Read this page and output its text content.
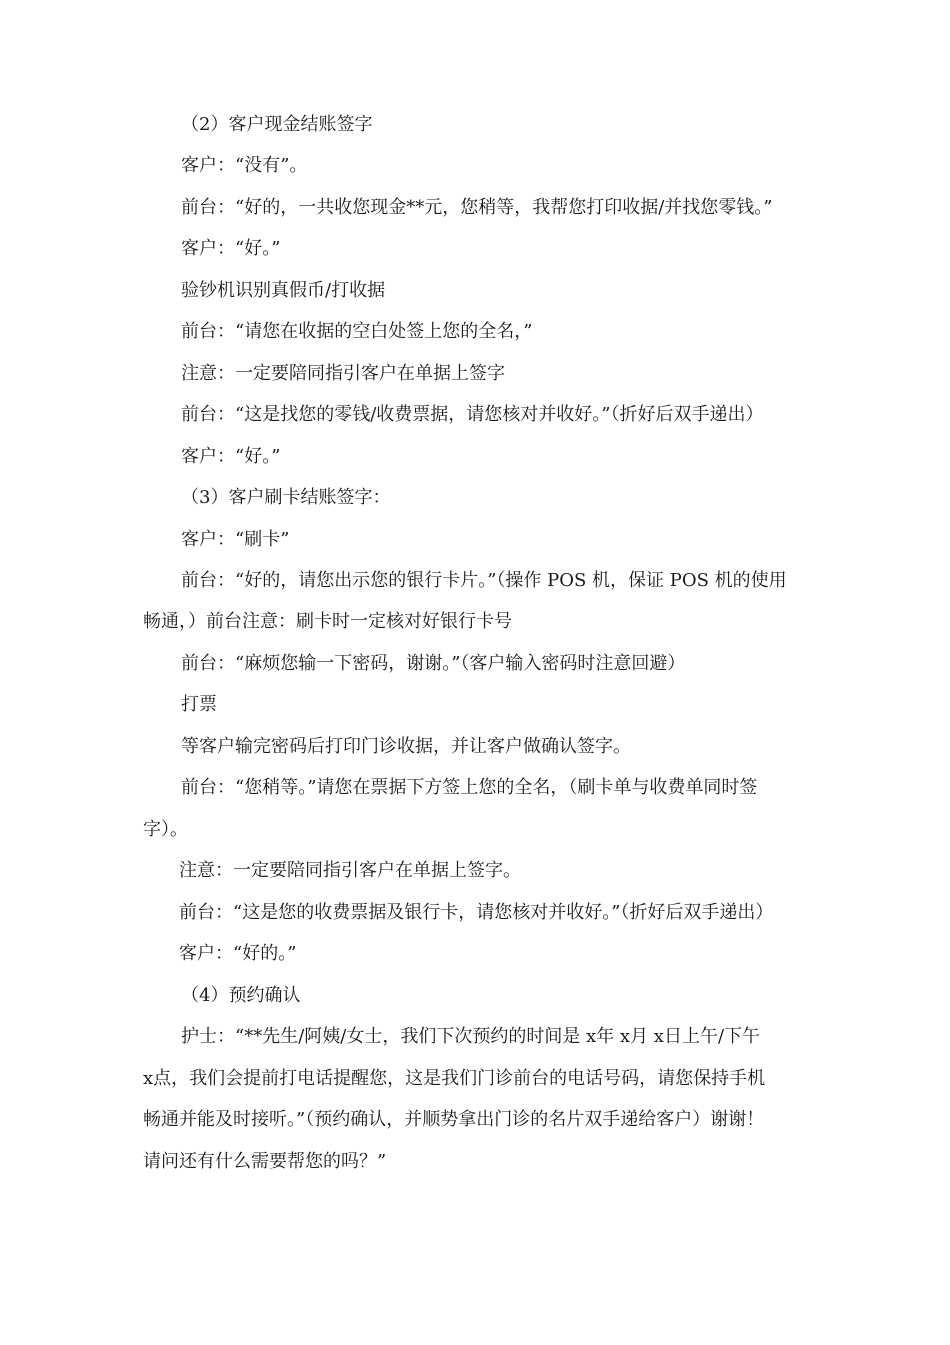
（2）客户现金结账签字
客户：“没有”。
前台：“好的，一共收您现金**元，您稍等，我帮您打印收据/并找您零钱。”
客户：“好。”
验钞机识别真假币/打收据
前台：“请您在收据的空白处签上您的全名，”
注意：一定要陪同指引客户在单据上签字
前台：“这是找您的零钱/收费票据，请您核对并收好。”（折好后双手递出）
客户：“好。”
（3）客户刷卡结账签字：
客户：“刷卡”
前台：“好的，请您出示您的银行卡片。”（操作 POS 机，保证 POS 机的使用
畅通，）前台注意：刷卡时一定核对好银行卡号
前台：“麻烦您输一下密码，谢谢。”（客户输入密码时注意回避）
打票
等客户输完密码后打印门诊收据，并让客户做确认签字。
前台：“您稍等。”请您在票据下方签上您的全名，（刷卡单与收费单同时签
字）。
注意：一定要陪同指引客户在单据上签字。
前台：“这是您的收费票据及银行卡，请您核对并收好。”（折好后双手递出）
客户：“好的。”
（4）预约确认
护士：“**先生/阿姨/女士，我们下次预约的时间是 x年 x月 x日上午/下午
x点，我们会提前打电话提醒您，这是我们门诊前台的电话号码，请您保持手机
畅通并能及时接听。”（预约确认，并顺势拿出门诊的名片双手递给客户）谢谢！
请问还有什么需要帮您的吗？”
